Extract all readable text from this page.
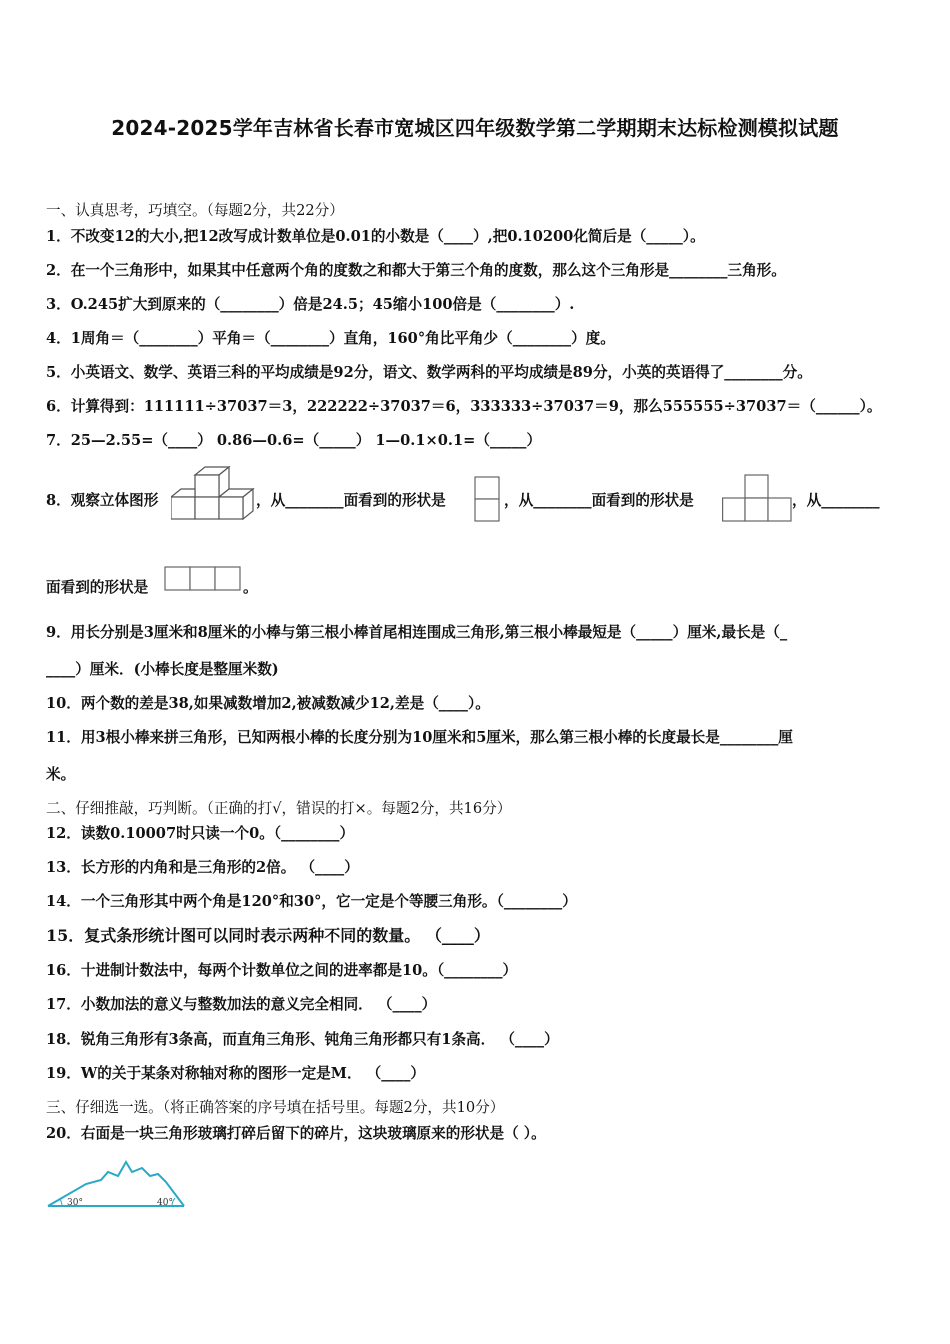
2024-2025学年吉林省长春市宽城区四年级数学第二学期期末达标检测模拟试题
一、认真思考，巧填空。（每题2分，共22分）
1．不改变12的大小,把12改写成计数单位是0.01的小数是（____）,把0.10200化简后是（_____）。
2．在一个三角形中，如果其中任意两个角的度数之和都大于第三个角的度数，那么这个三角形是________三角形。
3．O.245扩大到原来的（________）倍是24.5；45缩小100倍是（________）.
4．1周角＝（________）平角＝（________）直角，160°角比平角少（________）度。
5．小英语文、数学、英语三科的平均成绩是92分，语文、数学两科的平均成绩是89分，小英的英语得了________分。
6．计算得到：111111÷37037＝3，222222÷37037＝6，333333÷37037＝9，那么555555÷37037＝（______）。
7．25—2.55=（____） 0.86—0.6=（_____） 1—0.1×0.1=（_____）
8．观察立体图形	，从________面看到的形状是	，从________面看到的形状是	，从________
面看到的形状是	。
9．用长分别是3厘米和8厘米的小棒与第三根小棒首尾相连围成三角形,第三根小棒最短是（_____）厘米,最长是（_
____）厘米．(小棒长度是整厘米数)
10．两个数的差是38,如果减数增加2,被减数减少12,差是（____）。
11．用3根小棒来拼三角形，已知两根小棒的长度分别为10厘米和5厘米，那么第三根小棒的长度最长是________厘
米。
二、仔细推敲，巧判断。（正确的打√，错误的打×。每题2分，共16分）
12．读数0.10007时只读一个0。（________）
13．长方形的内角和是三角形的2倍。 （____）
14．一个三角形其中两个角是120°和30°，它一定是个等腰三角形。（________）
15．复式条形统计图可以同时表示两种不同的数量。 （____）
16．十进制计数法中，每两个计数单位之间的进率都是10。（________）
17．小数加法的意义与整数加法的意义完全相同． （____）
18．锐角三角形有3条高，而直角三角形、钝角三角形都只有1条高． （____）
19．W的关于某条对称轴对称的图形一定是M． （____）
三、仔细选一选。（将正确答案的序号填在括号里。每题2分，共10分）
20．右面是一块三角形玻璃打碎后留下的碎片，这块玻璃原来的形状是（ ）。
30°	40°
